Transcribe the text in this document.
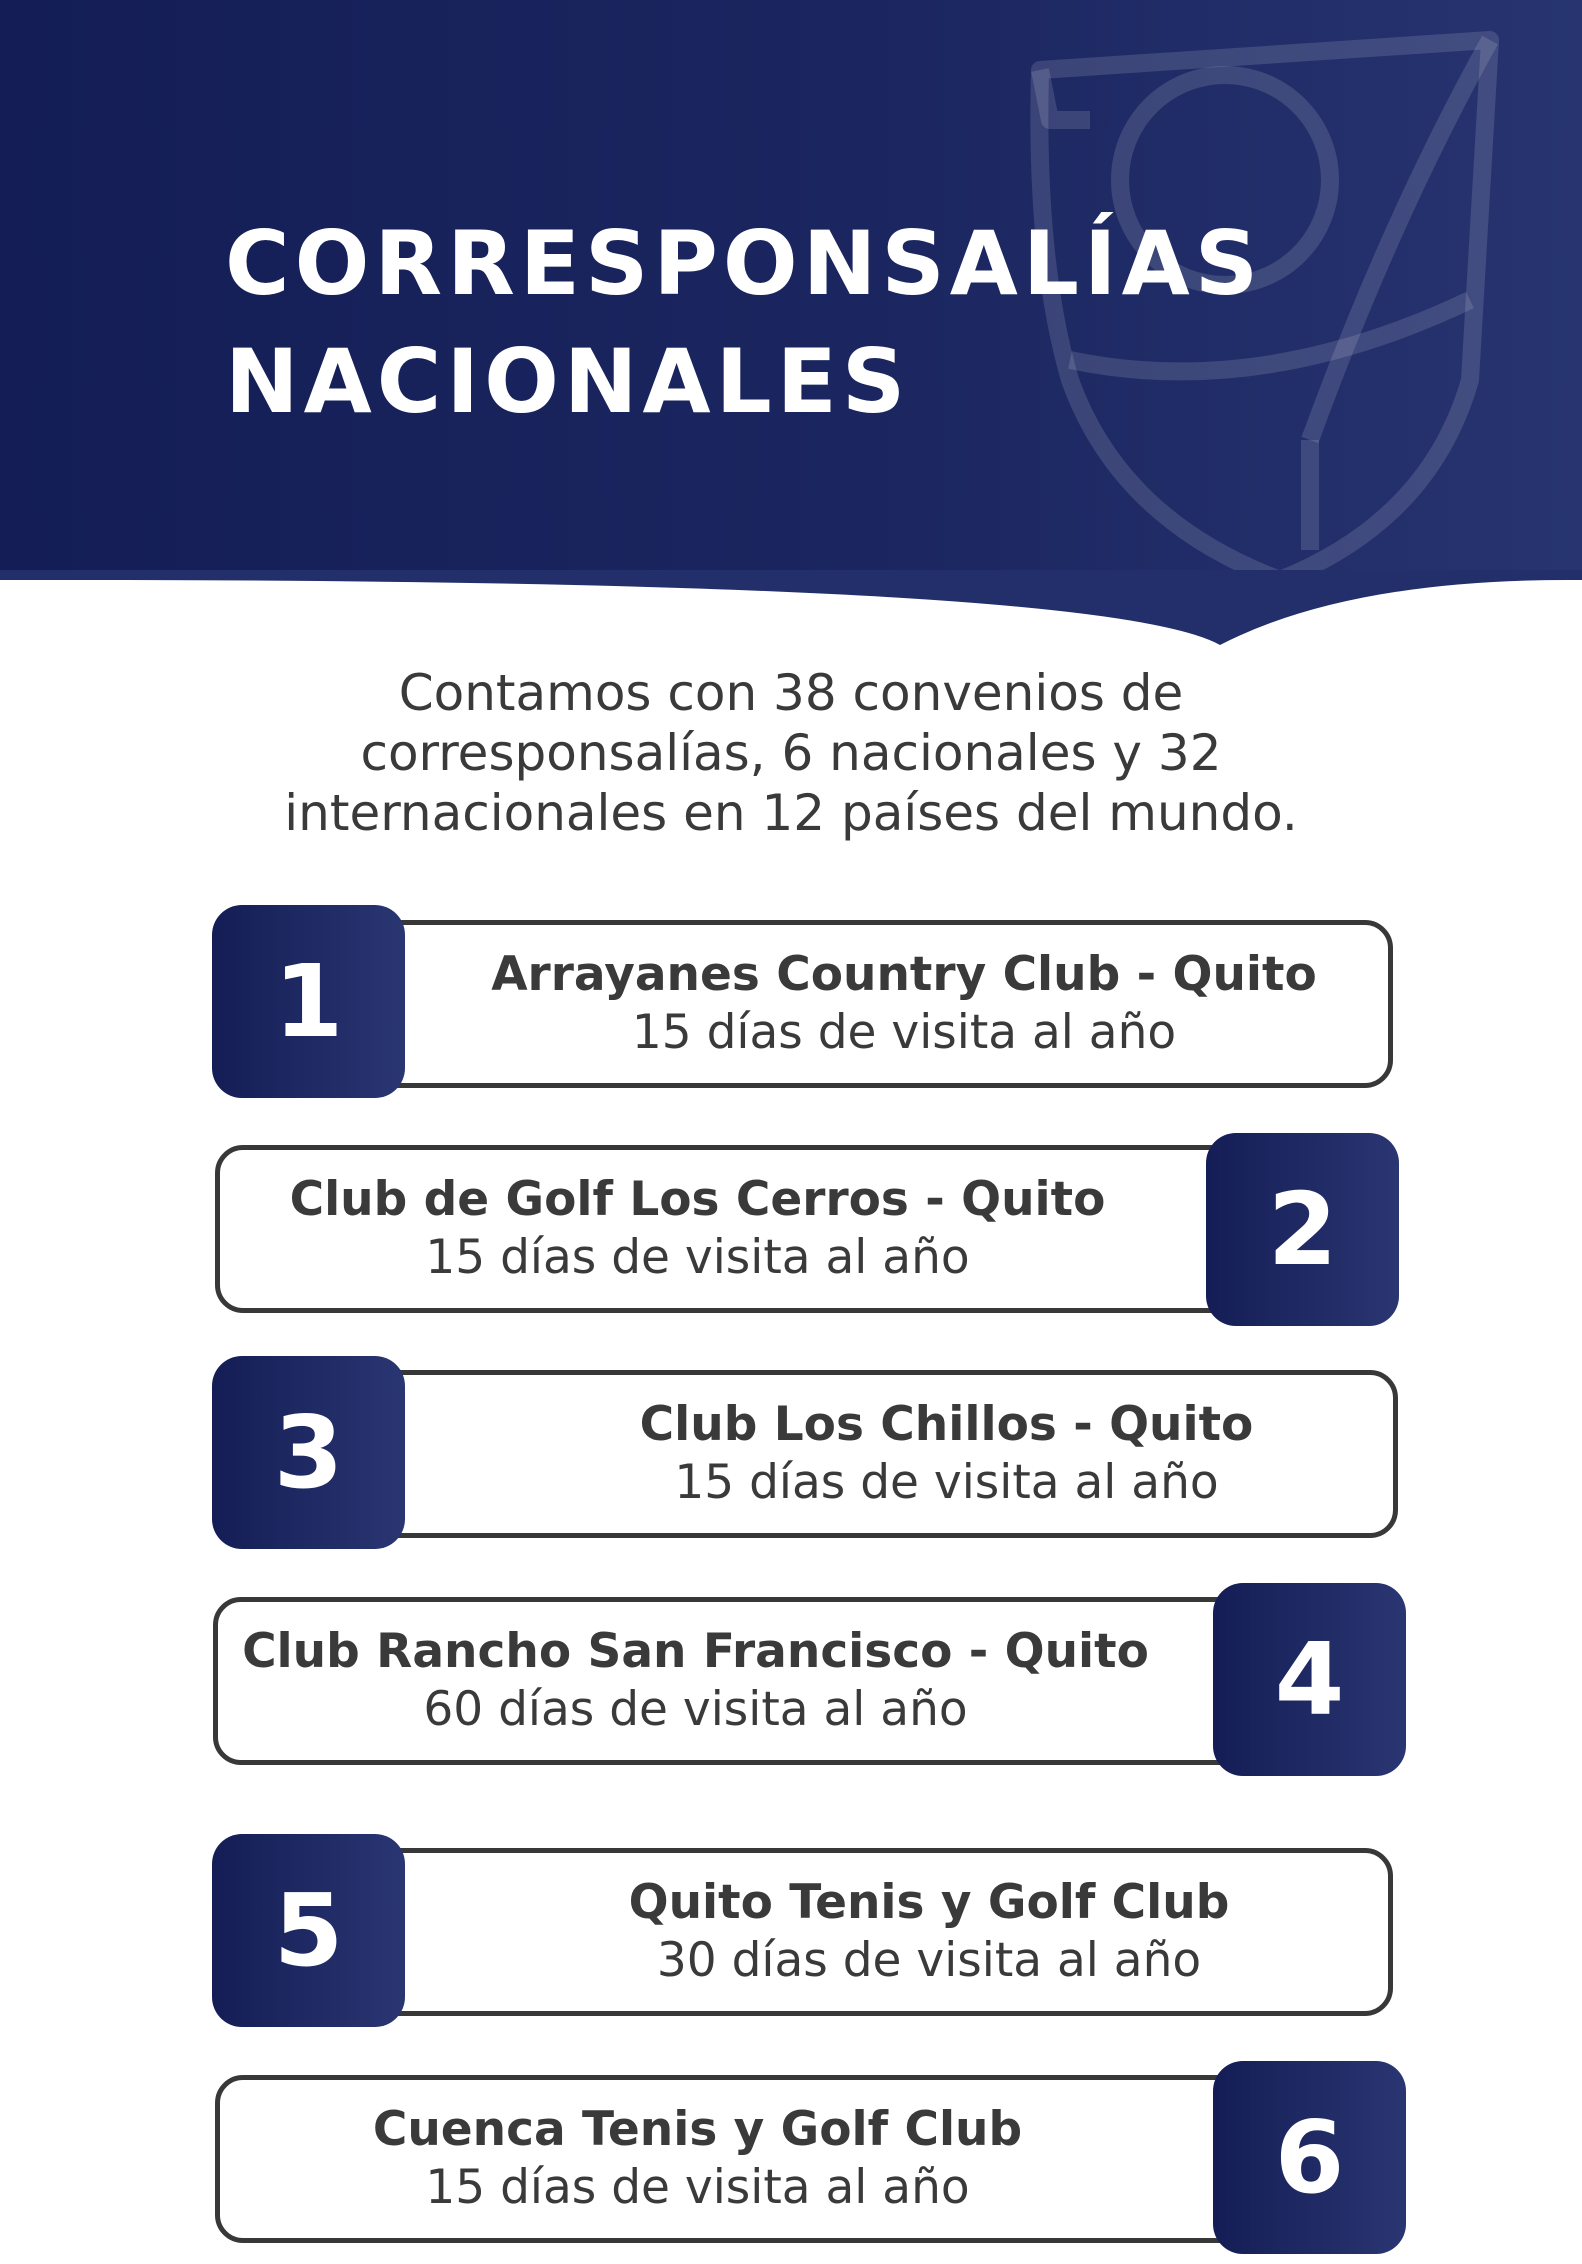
CORRESPONSALÍAS
NACIONALES

Contamos con 38 convenios de
corresponsalías, 6 nacionales y 32
internacionales en 12 países del mundo.

Arrayanes Country Club - Quito
15 días de visita al año
1
Club de Golf Los Cerros - Quito
15 días de visita al año	2
Club Los Chillos - Quito
15 días de visita al año
3
Club Rancho San Francisco - Quito
60 días de visita al año	4
Quito Tenis y Golf Club
30 días de visita al año
5
Cuenca Tenis y Golf Club
15 días de visita al año	6
